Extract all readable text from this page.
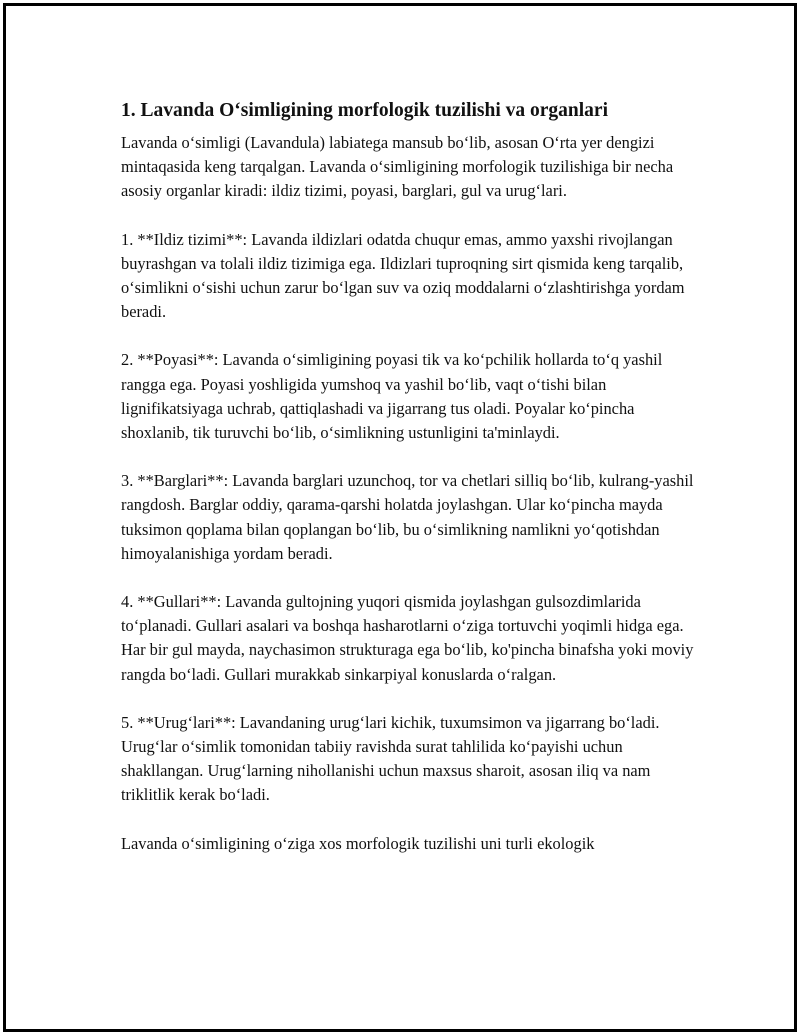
1. Lavanda O‘simligining morfologik tuzilishi va organlari

Lavanda o‘simligi (Lavandula) labiatega mansub bo‘lib, asosan O‘rta yer dengizi mintaqasida keng tarqalgan. Lavanda o‘simligining morfologik tuzilishiga bir necha asosiy organlar kiradi: ildiz tizimi, poyasi, barglari, gul va urug‘lari.

1. **Ildiz tizimi**: Lavanda ildizlari odatda chuqur emas, ammo yaxshi rivojlangan buyrashgan va tolali ildiz tizimiga ega. Ildizlari tuproqning sirt qismida keng tarqalib, o‘simlikni o‘sishi uchun zarur bo‘lgan suv va oziq moddalarni o‘zlashtirishga yordam beradi.

2. **Poyasi**: Lavanda o‘simligining poyasi tik va ko‘pchilik hollarda to‘q yashil rangga ega. Poyasi yoshligida yumshoq va yashil bo‘lib, vaqt o‘tishi bilan lignifikatsiyaga uchrab, qattiqlashadi va jigarrang tus oladi. Poyalar ko‘pincha shoxlanib, tik turuvchi bo‘lib, o‘simlikning ustunligini ta'minlaydi.

3. **Barglari**: Lavanda barglari uzunchoq, tor va chetlari silliq bo‘lib, kulrang-yashil rangdosh. Barglar oddiy, qarama-qarshi holatda joylashgan. Ular ko‘pincha mayda tuksimon qoplama bilan qoplangan bo‘lib, bu o‘simlikning namlikni yo‘qotishdan himoyalanishiga yordam beradi.

4. **Gullari**: Lavanda gultojning yuqori qismida joylashgan gulsozdimlarida to‘planadi. Gullari asalari va boshqa hasharotlarni o‘ziga tortuvchi yoqimli hidga ega. Har bir gul mayda, naychasimon strukturaga ega bo‘lib, ko'pincha binafsha yoki moviy rangda bo‘ladi. Gullari murakkab sinkarpiyal konuslarda o‘ralgan.

5. **Urug‘lari**: Lavandaning urug‘lari kichik, tuxumsimon va jigarrang bo‘ladi. Urug‘lar o‘simlik tomonidan tabiiy ravishda surat tahlilida ko‘payishi uchun shakllangan. Urug‘larning nihollanishi uchun maxsus sharoit, asosan iliq va nam triklitlik kerak bo‘ladi.

Lavanda o‘simligining o‘ziga xos morfologik tuzilishi uni turli ekologik
